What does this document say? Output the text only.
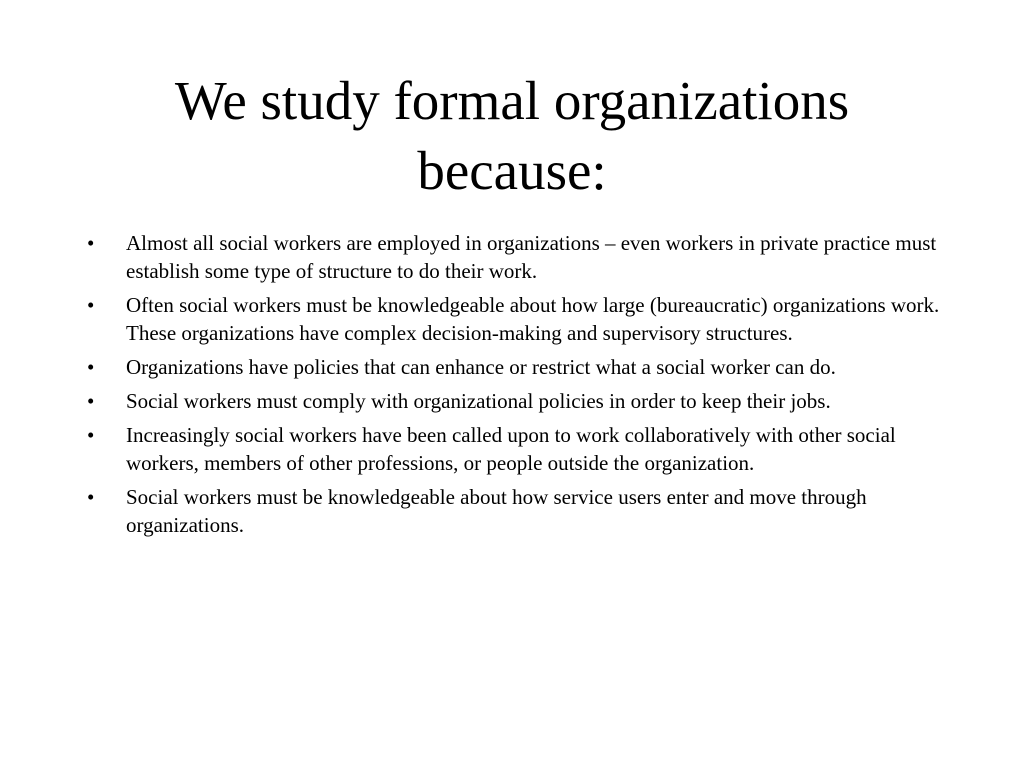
We study formal organizations
because:
• Almost all social workers are employed in organizations – even workers in private practice must establish some type of structure to do their work.
• Often social workers must be knowledgeable about how large (bureaucratic) organizations work. These organizations have complex decision-making and supervisory structures.
• Organizations have policies that can enhance or restrict what a social worker can do.
• Social workers must comply with organizational policies in order to keep their jobs.
• Increasingly social workers have been called upon to work collaboratively with other social workers, members of other professions, or people outside the organization.
• Social workers must be knowledgeable about how service users enter and move through organizations.
